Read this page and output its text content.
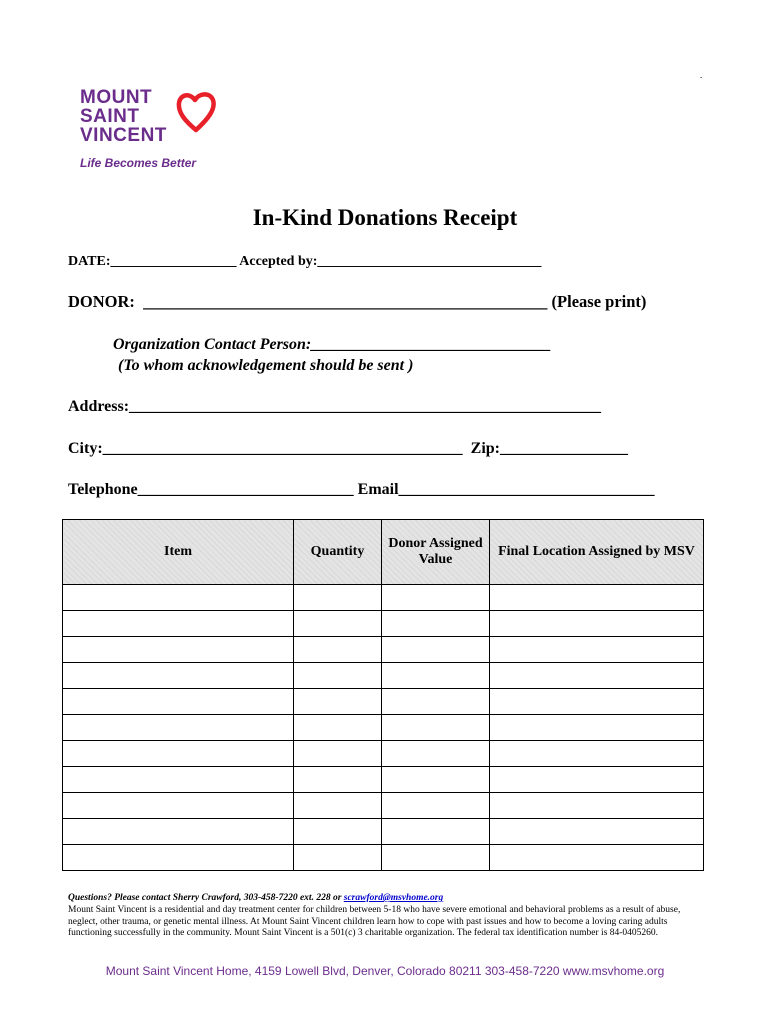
.
MOUNT
SAINT
VINCENT
Life Becomes Better
In-Kind Donations Receipt
DATE:__________________ Accepted by:________________________________
DONOR:  _________________________________________________ (Please print)
Organization Contact Person:______________________________
(To whom acknowledgement should be sent )
Address:___________________________________________________________
City:_____________________________________________  Zip:________________
Telephone___________________________ Email________________________________
Item	Quantity	Donor Assigned Value	Final Location Assigned by MSV

Questions? Please contact Sherry Crawford, 303-458-7220 ext. 228 or scrawford@msvhome.org
Mount Saint Vincent is a residential and day treatment center for children between 5-18 who have severe emotional and behavioral problems as a result of abuse, neglect, other trauma, or genetic mental illness. At Mount Saint Vincent children learn how to cope with past issues and how to become a loving caring adults functioning successfully in the community. Mount Saint Vincent is a 501(c) 3 charitable organization. The federal tax identification number is 84-0405260.
Mount Saint Vincent Home, 4159 Lowell Blvd, Denver, Colorado 80211 303-458-7220 www.msvhome.org
